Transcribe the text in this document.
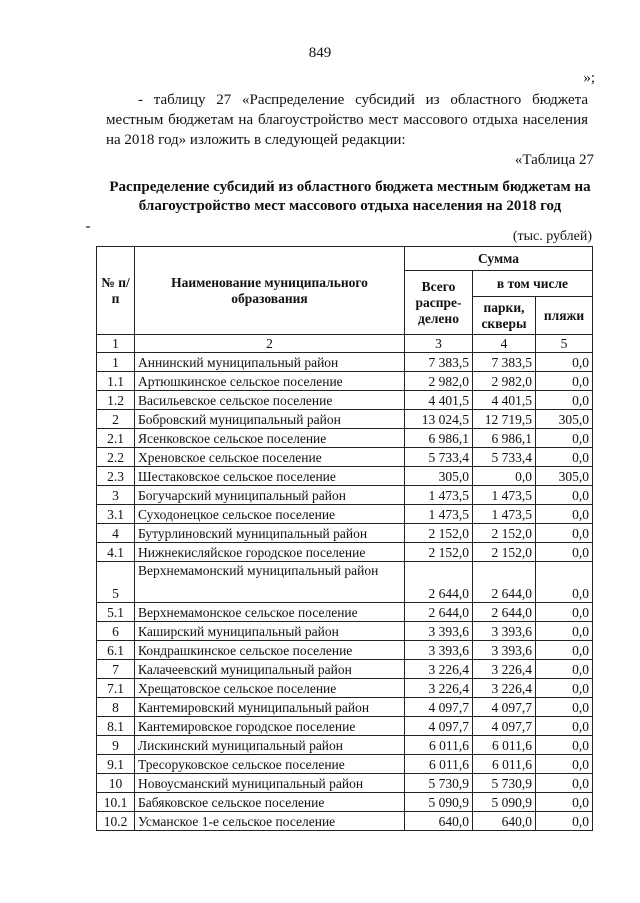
849
»;
- таблицу 27 «Распределение субсидий из областного бюджета местным бюджетам на благоустройство мест массового отдыха населения на 2018 год» изложить в следующей редакции:
«Таблица 27
Распределение субсидий из областного бюджета местным бюджетам на благоустройство мест массового отдыха населения на 2018 год
(тыс. рублей)
№ п/п	Наименование муниципального образования	Сумма		
		Всего распре-делено	в том числе	
			парки, скверы	пляжи
1	2	3	4	5
1	Аннинский муниципальный район	7 383,5	7 383,5	0,0
1.1	Артюшкинское сельское поселение	2 982,0	2 982,0	0,0
1.2	Васильевское сельское поселение	4 401,5	4 401,5	0,0
2	Бобровский муниципальный район	13 024,5	12 719,5	305,0
2.1	Ясенковское сельское поселение	6 986,1	6 986,1	0,0
2.2	Хреновское сельское поселение	5 733,4	5 733,4	0,0
2.3	Шестаковское сельское поселение	305,0	0,0	305,0
3	Богучарский муниципальный район	1 473,5	1 473,5	0,0
3.1	Суходонецкое сельское поселение	1 473,5	1 473,5	0,0
4	Бутурлиновский муниципальный район	2 152,0	2 152,0	0,0
4.1	Нижнекисляйское городское поселение	2 152,0	2 152,0	0,0
5	Верхнемамонский муниципальный район	2 644,0	2 644,0	0,0
5.1	Верхнемамонское сельское поселение	2 644,0	2 644,0	0,0
6	Каширский муниципальный район	3 393,6	3 393,6	0,0
6.1	Кондрашкинское сельское поселение	3 393,6	3 393,6	0,0
7	Калачеевский муниципальный район	3 226,4	3 226,4	0,0
7.1	Хрещатовское сельское поселение	3 226,4	3 226,4	0,0
8	Кантемировский муниципальный район	4 097,7	4 097,7	0,0
8.1	Кантемировское городское поселение	4 097,7	4 097,7	0,0
9	Лискинский муниципальный район	6 011,6	6 011,6	0,0
9.1	Тресоруковское сельское поселение	6 011,6	6 011,6	0,0
10	Новоусманский муниципальный район	5 730,9	5 730,9	0,0
10.1	Бабяковское сельское поселение	5 090,9	5 090,9	0,0
10.2	Усманское 1-е сельское поселение	640,0	640,0	0,0
